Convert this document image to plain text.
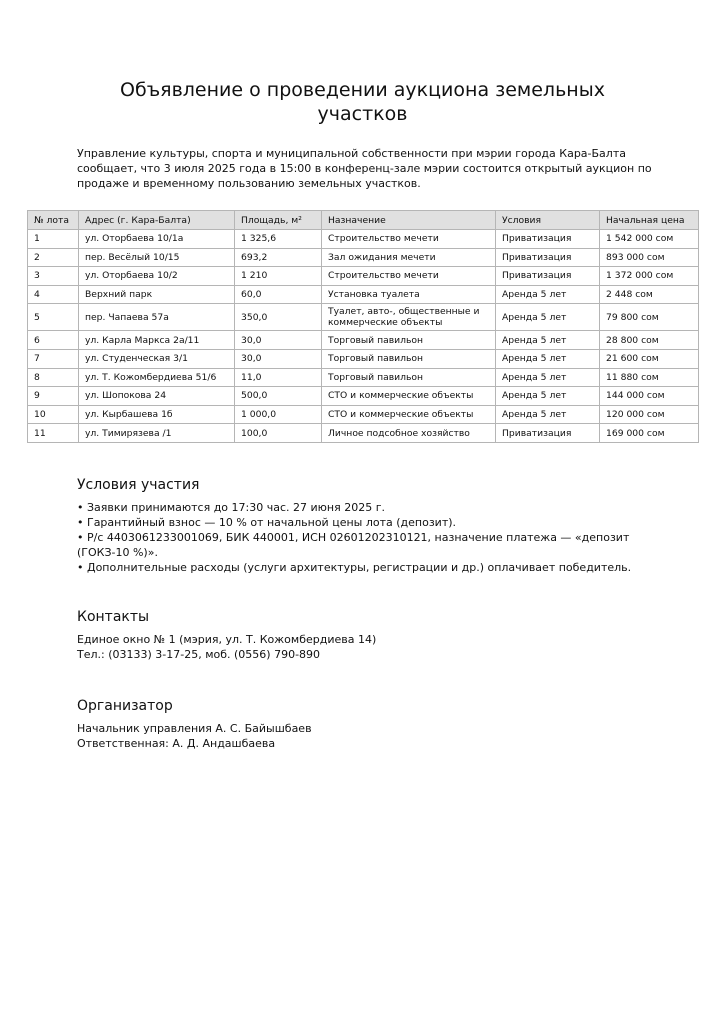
Объявление о проведении аукциона земельных участков

Управление культуры, спорта и муниципальной собственности при мэрии города Кара-Балта сообщает, что 3 июля 2025 года в 15:00 в конференц-зале мэрии состоится открытый аукцион по продаже и временному пользованию земельных участков.

№ лота	Адрес (г. Кара-Балта)	Площадь, м²	Назначение	Условия	Начальная цена
1	ул. Оторбаева 10/1а	1 325,6	Строительство мечети	Приватизация	1 542 000 сом
2	пер. Весёлый 10/15	693,2	Зал ожидания мечети	Приватизация	893 000 сом
3	ул. Оторбаева 10/2	1 210	Строительство мечети	Приватизация	1 372 000 сом
4	Верхний парк	60,0	Установка туалета	Аренда 5 лет	2 448 сом
5	пер. Чапаева 57а	350,0	Туалет, авто-, общественные и коммерческие объекты	Аренда 5 лет	79 800 сом
6	ул. Карла Маркса 2а/11	30,0	Торговый павильон	Аренда 5 лет	28 800 сом
7	ул. Студенческая 3/1	30,0	Торговый павильон	Аренда 5 лет	21 600 сом
8	ул. Т. Кожомбердиева 51/6	11,0	Торговый павильон	Аренда 5 лет	11 880 сом
9	ул. Шопокова 24	500,0	СТО и коммерческие объекты	Аренда 5 лет	144 000 сом
10	ул. Кырбашева 1б	1 000,0	СТО и коммерческие объекты	Аренда 5 лет	120 000 сом
11	ул. Тимирязева /1	100,0	Личное подсобное хозяйство	Приватизация	169 000 сом
Условия участия
• Заявки принимаются до 17:30 час. 27 июня 2025 г.
• Гарантийный взнос — 10 % от начальной цены лота (депозит).
• Р/с 4403061233001069, БИК 440001, ИСН 02601202310121, назначение платежа — «депозит (ГОКЗ-10 %)».
• Дополнительные расходы (услуги архитектуры, регистрации и др.) оплачивает победитель.
Контакты

Единое окно № 1 (мэрия, ул. Т. Кожомбердиева 14)

Тел.: (03133) 3-17-25, моб. (0556) 790-890

Организатор

Начальник управления А. С. Байышбаев

Ответственная: А. Д. Андашбаева
